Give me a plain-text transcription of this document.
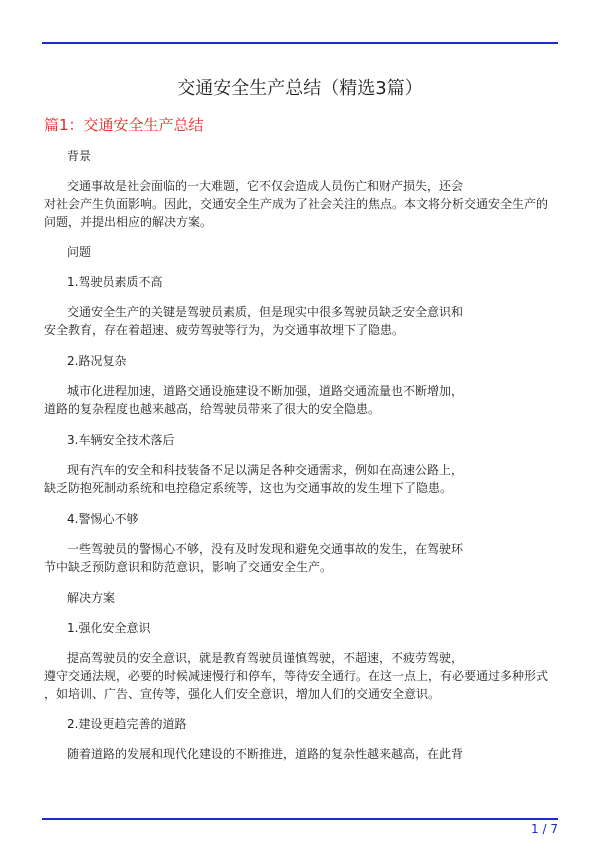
交通安全生产总结（精选3篇）
篇1：交通安全生产总结
背景
交通事故是社会面临的一大难题，它不仅会造成人员伤亡和财产损失，还会
对社会产生负面影响。因此，交通安全生产成为了社会关注的焦点。本文将分析交通安全生产的
问题，并提出相应的解决方案。
问题
1.驾驶员素质不高
交通安全生产的关键是驾驶员素质，但是现实中很多驾驶员缺乏安全意识和
安全教育，存在着超速、疲劳驾驶等行为，为交通事故埋下了隐患。
2.路况复杂
城市化进程加速，道路交通设施建设不断加强，道路交通流量也不断增加，
道路的复杂程度也越来越高，给驾驶员带来了很大的安全隐患。
3.车辆安全技术落后
现有汽车的安全和科技装备不足以满足各种交通需求，例如在高速公路上，
缺乏防抱死制动系统和电控稳定系统等，这也为交通事故的发生埋下了隐患。
4.警惕心不够
一些驾驶员的警惕心不够，没有及时发现和避免交通事故的发生，在驾驶环
节中缺乏预防意识和防范意识，影响了交通安全生产。
解决方案
1.强化安全意识
提高驾驶员的安全意识，就是教育驾驶员谨慎驾驶，不超速，不疲劳驾驶，
遵守交通法规，必要的时候减速慢行和停车，等待安全通行。在这一点上，有必要通过多种形式
，如培训、广告、宣传等，强化人们安全意识，增加人们的交通安全意识。
2.建设更趋完善的道路
随着道路的发展和现代化建设的不断推进，道路的复杂性越来越高，在此背
1 / 7
